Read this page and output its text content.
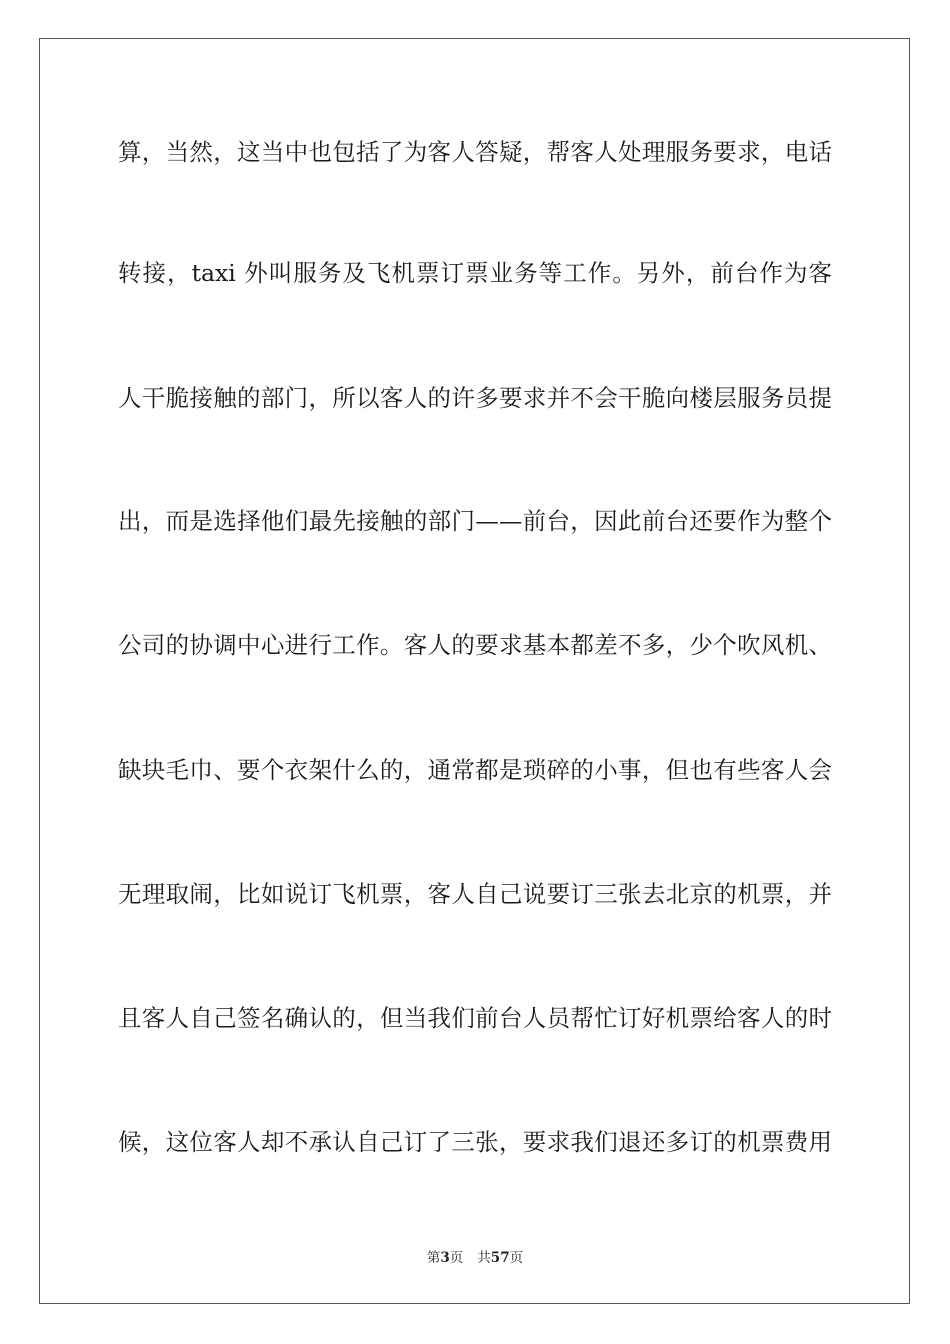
算，当然，这当中也包括了为客人答疑，帮客人处理服务要求，电话
转接，taxi 外叫服务及飞机票订票业务等工作。另外，前台作为客
人干脆接触的部门，所以客人的许多要求并不会干脆向楼层服务员提
出，而是选择他们最先接触的部门——前台，因此前台还要作为整个
公司的协调中心进行工作。客人的要求基本都差不多，少个吹风机、
缺块毛巾、要个衣架什么的，通常都是琐碎的小事，但也有些客人会
无理取闹，比如说订飞机票，客人自己说要订三张去北京的机票，并
且客人自己签名确认的，但当我们前台人员帮忙订好机票给客人的时
候，这位客人却不承认自己订了三张，要求我们退还多订的机票费用
第3页 共57页
